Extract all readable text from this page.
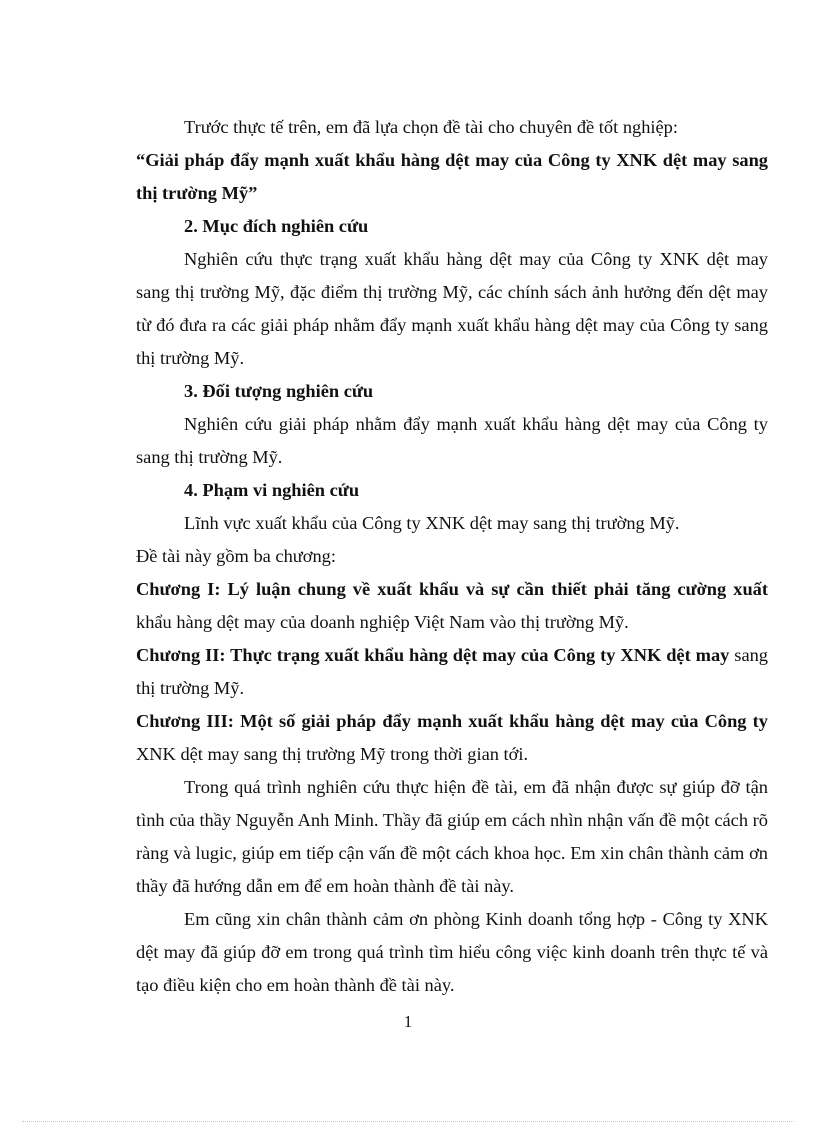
Trước thực tế trên, em đã lựa chọn đề tài cho chuyên đề tốt nghiệp:

“Giải pháp đẩy mạnh xuất khẩu hàng dệt may của Công ty XNK dệt may sang thị trường Mỹ”

2. Mục đích nghiên cứu

Nghiên cứu thực trạng xuất khẩu hàng dệt may của Công ty XNK dệt may sang thị trường Mỹ, đặc điểm thị trường Mỹ, các chính sách ảnh hưởng đến dệt may từ đó đưa ra các giải pháp nhằm đẩy mạnh xuất khẩu hàng dệt may của Công ty sang thị trường Mỹ.

3. Đối tượng nghiên cứu

Nghiên cứu giải pháp nhằm đẩy mạnh xuất khẩu hàng dệt may của Công ty sang thị trường Mỹ.

4. Phạm vi nghiên cứu

Lĩnh vực xuất khẩu của Công ty XNK dệt may sang thị trường Mỹ.

Đề tài này gồm ba chương:

Chương I: Lý luận chung về xuất khẩu và sự cần thiết phải tăng cường xuất khẩu hàng dệt may của doanh nghiệp Việt Nam vào thị trường Mỹ.

Chương II: Thực trạng xuất khẩu hàng dệt may của Công ty XNK dệt may sang thị trường Mỹ.

Chương III: Một số giải pháp đẩy mạnh xuất khẩu hàng dệt may của Công ty XNK dệt may sang thị trường Mỹ trong thời gian tới.

Trong quá trình nghiên cứu thực hiện đề tài, em đã nhận được sự giúp đỡ tận tình của thầy Nguyễn Anh Minh. Thầy đã giúp em cách nhìn nhận vấn đề một cách rõ ràng và lugic, giúp em tiếp cận vấn đề một cách khoa học. Em xin chân thành cảm ơn thầy đã hướng dẫn em để em hoàn thành đề tài này.

Em cũng xin chân thành cảm ơn phòng Kinh doanh tổng hợp - Công ty XNK dệt may đã giúp đỡ em trong quá trình tìm hiểu công việc kinh doanh trên thực tế và tạo điều kiện cho em hoàn thành đề tài này.

1
